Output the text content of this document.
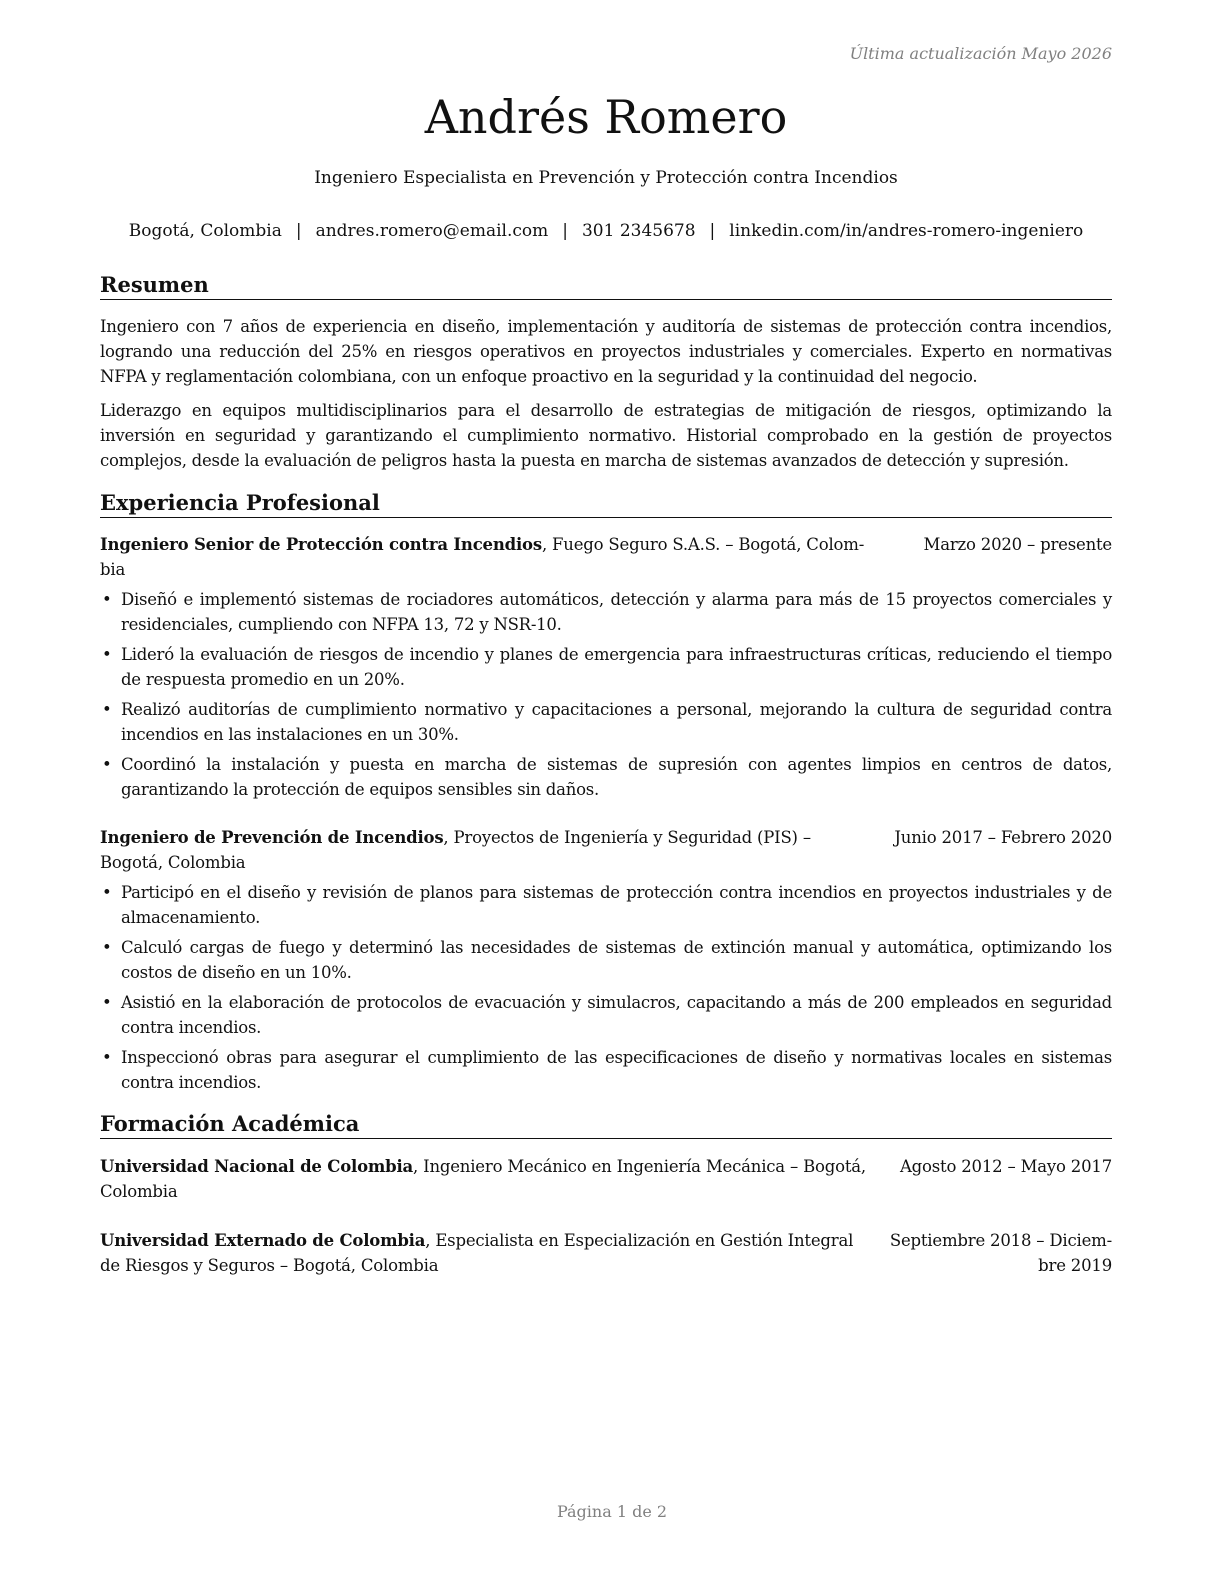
Última actualización Mayo 2026
Andrés Romero
Ingeniero Especialista en Prevención y Protección contra Incendios
Bogotá, Colombia | andres.romero@email.com | 301 2345678 | linkedin.com/in/andres-romero-ingeniero
Resumen
Ingeniero con 7 años de experiencia en diseño, implementación y auditoría de sistemas de protección contra incendios, logrando una reducción del 25% en riesgos operativos en proyectos industriales y comerciales. Experto en normativas NFPA y reglamentación colombiana, con un enfoque proactivo en la seguridad y la continuidad del negocio.
Liderazgo en equipos multidisciplinarios para el desarrollo de estrategias de mitigación de riesgos, optimizando la inversión en seguridad y garantizando el cumplimiento normativo. Historial comprobado en la gestión de proyectos complejos, desde la evaluación de peligros hasta la puesta en marcha de sistemas avanzados de detección y supresión.
Experiencia Profesional
Ingeniero Senior de Protección contra Incendios, Fuego Seguro S.A.S. – Bogotá, Colom-	Marzo 2020 – presente
bia
• Diseñó e implementó sistemas de rociadores automáticos, detección y alarma para más de 15 proyectos comerciales y residenciales, cumpliendo con NFPA 13, 72 y NSR-10.
• Lideró la evaluación de riesgos de incendio y planes de emergencia para infraestructuras críticas, reduciendo el tiempo de respuesta promedio en un 20%.
• Realizó auditorías de cumplimiento normativo y capacitaciones a personal, mejorando la cultura de seguridad contra incendios en las instalaciones en un 30%.
• Coordinó la instalación y puesta en marcha de sistemas de supresión con agentes limpios en centros de datos, garantizando la protección de equipos sensibles sin daños.
Ingeniero de Prevención de Incendios, Proyectos de Ingeniería y Seguridad (PIS) –	Junio 2017 – Febrero 2020
Bogotá, Colombia
• Participó en el diseño y revisión de planos para sistemas de protección contra incendios en proyectos industriales y de almacenamiento.
• Calculó cargas de fuego y determinó las necesidades de sistemas de extinción manual y automática, optimizando los costos de diseño en un 10%.
• Asistió en la elaboración de protocolos de evacuación y simulacros, capacitando a más de 200 empleados en seguridad contra incendios.
• Inspeccionó obras para asegurar el cumplimiento de las especificaciones de diseño y normativas locales en sistemas contra incendios.
Formación Académica
Universidad Nacional de Colombia, Ingeniero Mecánico en Ingeniería Mecánica – Bogotá, Agosto 2012 – Mayo 2017
Colombia
Universidad Externado de Colombia, Especialista en Especialización en Gestión Integral Septiembre 2018 – Diciem-
de Riesgos y Seguros – Bogotá, Colombia	bre 2019
Página 1 de 2
